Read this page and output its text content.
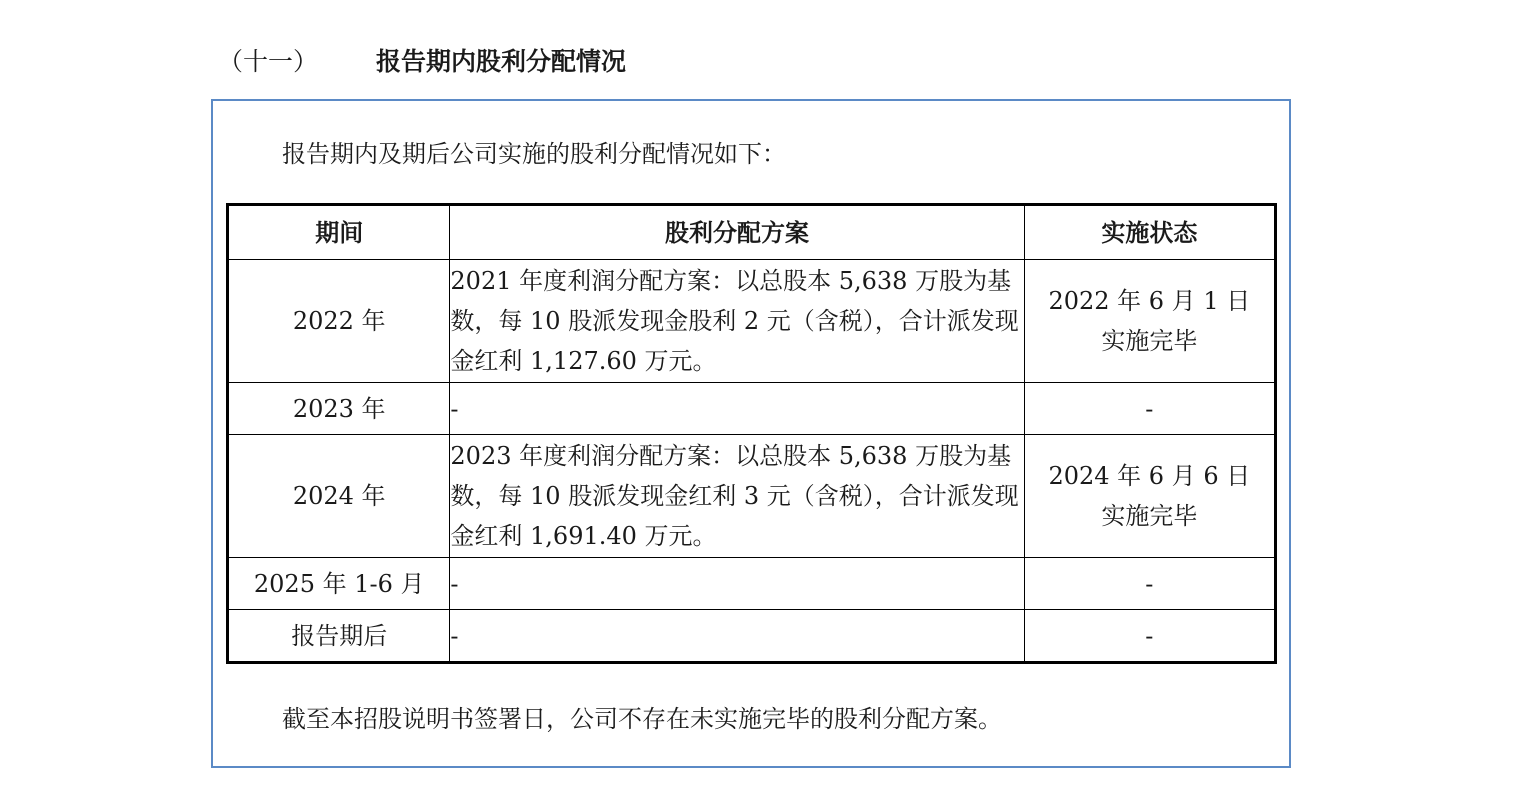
（十一）	报告期内股利分配情况
报告期内及期后公司实施的股利分配情况如下：
期间	股利分配方案	实施状态
2022 年	2021 年度利润分配方案：以总股本 5,638 万股为基数，每 10 股派发现金股利 2 元（含税），合计派发现金红利 1,127.60 万元。	2022 年 6 月 1 日
实施完毕

2023 年	-	-
2024 年	2023 年度利润分配方案：以总股本 5,638 万股为基数，每 10 股派发现金红利 3 元（含税），合计派发现金红利 1,691.40 万元。	2024 年 6 月 6 日
实施完毕

2025 年 1-6 月	-	-
报告期后	-	-
截至本招股说明书签署日，公司不存在未实施完毕的股利分配方案。
